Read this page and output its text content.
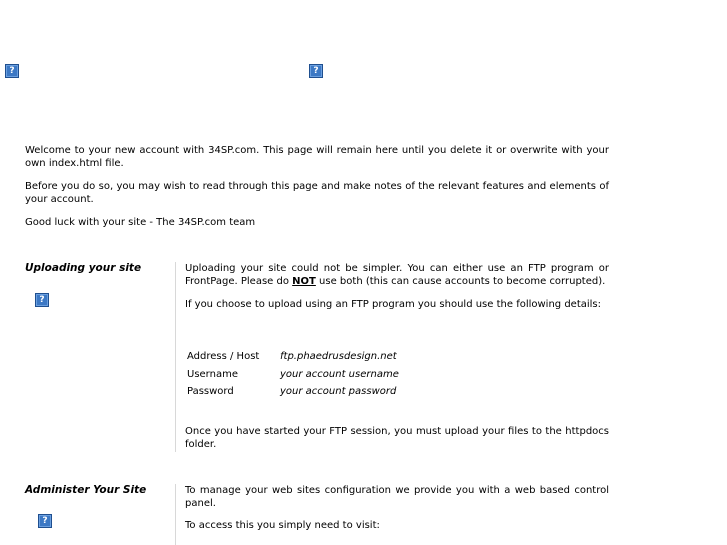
?	?
Welcome to your new account with 34SP.com. This page will remain here until you delete it or overwrite with your own index.html file.
Before you do so, you may wish to read through this page and make notes of the relevant features and elements of your account.
Good luck with your site - The 34SP.com team
Uploading your site
?

Uploading your site could not be simpler. You can either use an FTP program or FrontPage. Please do NOT use both (this can cause accounts to become corrupted).

If you choose to upload using an FTP program you should use the following details:

Address / Host	ftp.phaedrusdesign.net
Username	your account username
Password	your account password
Once you have started your FTP session, you must upload your files to the httpdocs folder.
Administer Your Site
?

To manage your web sites configuration we provide you with a web based control panel.

To access this you simply need to visit:
